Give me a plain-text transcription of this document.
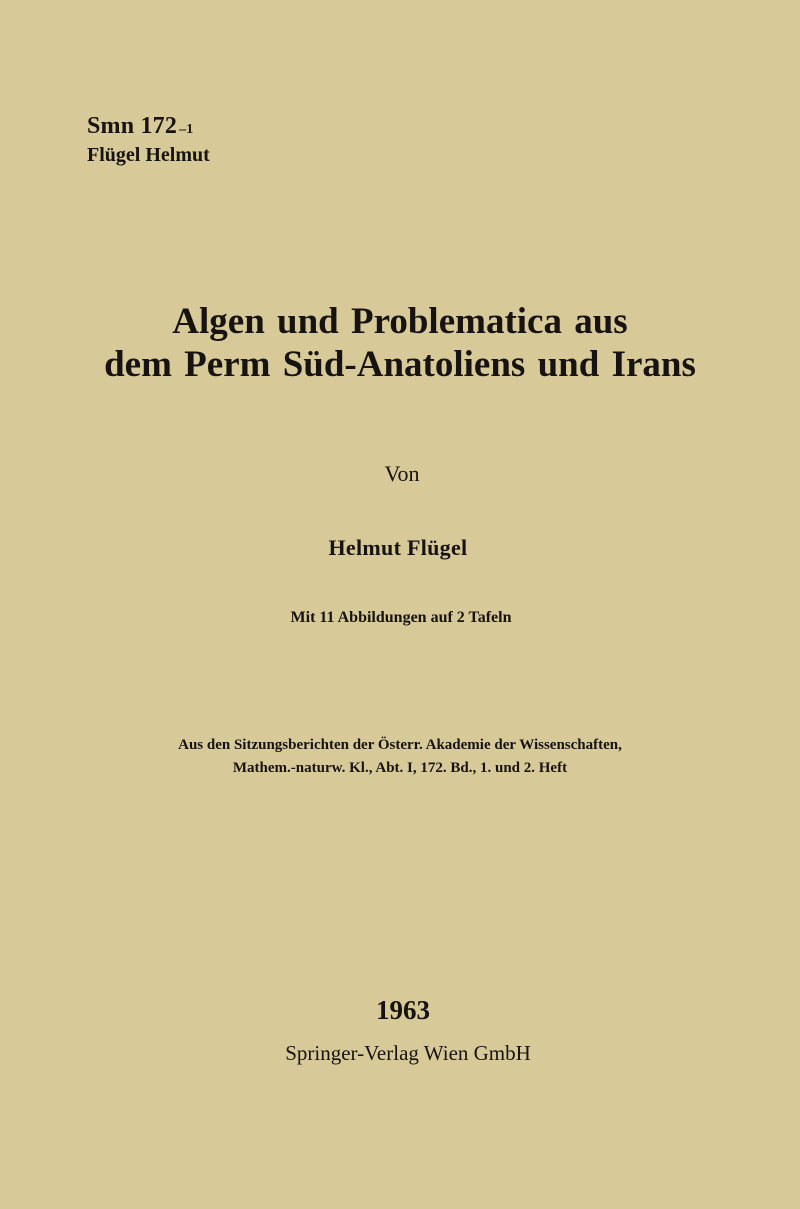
Smn 172 –1
Flügel Helmut
Algen und Problematica aus
dem Perm Süd-Anatoliens und Irans
Von
Helmut Flügel
Mit 11 Abbildungen auf 2 Tafeln
Aus den Sitzungsberichten der Österr. Akademie der Wissenschaften,
Mathem.-naturw. Kl., Abt. I, 172. Bd., 1. und 2. Heft
1963
Springer-Verlag Wien GmbH
